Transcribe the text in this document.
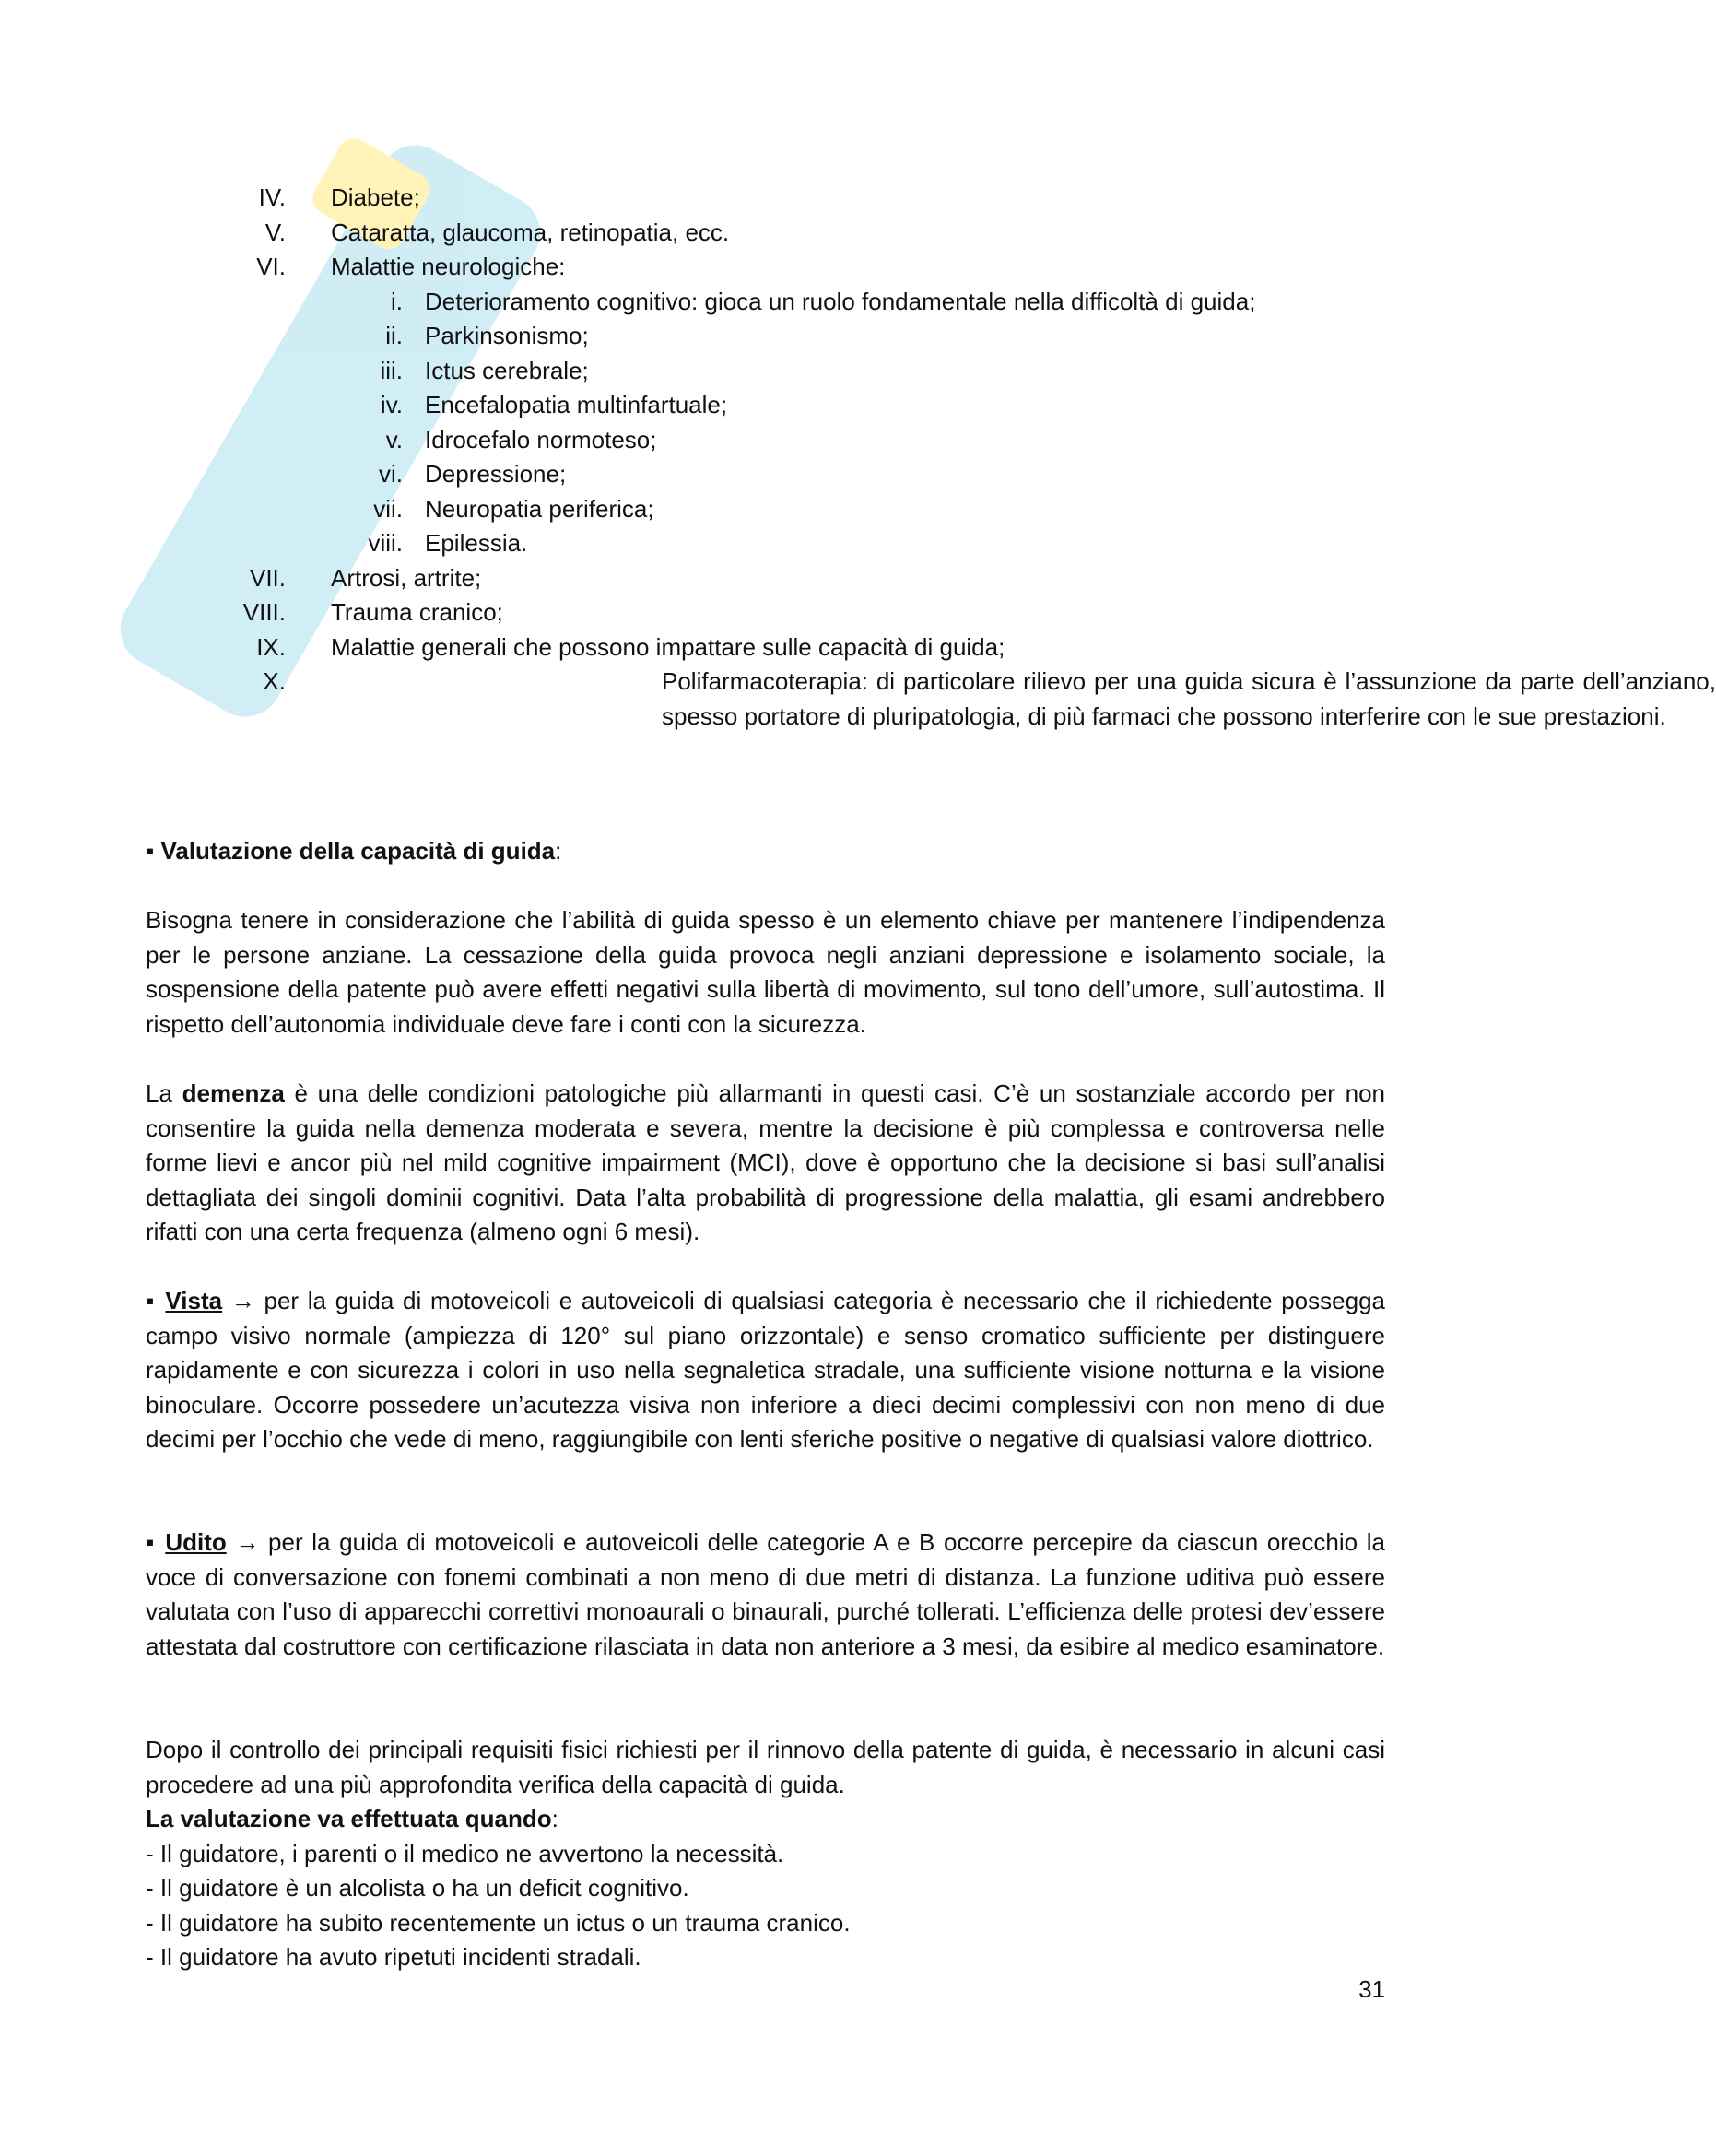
IV. Diabete;
V. Cataratta, glaucoma, retinopatia, ecc.
VI. Malattie neurologiche:
i. Deterioramento cognitivo: gioca un ruolo fondamentale nella difficoltà di guida;
ii. Parkinsonismo;
iii. Ictus cerebrale;
iv. Encefalopatia multinfartuale;
v. Idrocefalo normoteso;
vi. Depressione;
vii. Neuropatia periferica;
viii. Epilessia.
VII. Artrosi, artrite;
VIII. Trauma cranico;
IX. Malattie generali che possono impattare sulle capacità di guida;
X.	Polifarmacoterapia: di particolare rilievo per una guida sicura è l’assunzione da parte dell’anziano, spesso portatore di pluripatologia, di più farmaci che possono interferire con le sue prestazioni.
▪ Valutazione della capacità di guida:
Bisogna tenere in considerazione che l’abilità di guida spesso è un elemento chiave per mantenere l’indipendenza per le persone anziane. La cessazione della guida provoca negli anziani depressione e isolamento sociale, la sospensione della patente può avere effetti negativi sulla libertà di movimento, sul tono dell’umore, sull’autostima. Il rispetto dell’autonomia individuale deve fare i conti con la sicurezza.
La demenza è una delle condizioni patologiche più allarmanti in questi casi. C’è un sostanziale accordo per non consentire la guida nella demenza moderata e severa, mentre la decisione è più complessa e controversa nelle forme lievi e ancor più nel mild cognitive impairment (MCI), dove è opportuno che la decisione si basi sull’analisi dettagliata dei singoli dominii cognitivi. Data l’alta probabilità di progressione della malattia, gli esami andrebbero rifatti con una certa frequenza (almeno ogni 6 mesi).
▪ Vista → per la guida di motoveicoli e autoveicoli di qualsiasi categoria è necessario che il richiedente possegga campo visivo normale (ampiezza di 120° sul piano orizzontale) e senso cromatico sufficiente per distinguere rapidamente e con sicurezza i colori in uso nella segnaletica stradale, una sufficiente visione notturna e la visione binoculare. Occorre possedere un’acutezza visiva non inferiore a dieci decimi complessivi con non meno di due decimi per l’occhio che vede di meno, raggiungibile con lenti sferiche positive o negative di qualsiasi valore diottrico.
▪ Udito → per la guida di motoveicoli e autoveicoli delle categorie A e B occorre percepire da ciascun orecchio la voce di conversazione con fonemi combinati a non meno di due metri di distanza. La funzione uditiva può essere valutata con l’uso di apparecchi correttivi monoaurali o binaurali, purché tollerati. L’efficienza delle protesi dev’essere attestata dal costruttore con certificazione rilasciata in data non anteriore a 3 mesi, da esibire al medico esaminatore.
Dopo il controllo dei principali requisiti fisici richiesti per il rinnovo della patente di guida, è necessario in alcuni casi procedere ad una più approfondita verifica della capacità di guida.
La valutazione va effettuata quando:
- Il guidatore, i parenti o il medico ne avvertono la necessità.
- Il guidatore è un alcolista o ha un deficit cognitivo.
- Il guidatore ha subito recentemente un ictus o un trauma cranico.
- Il guidatore ha avuto ripetuti incidenti stradali.
31
